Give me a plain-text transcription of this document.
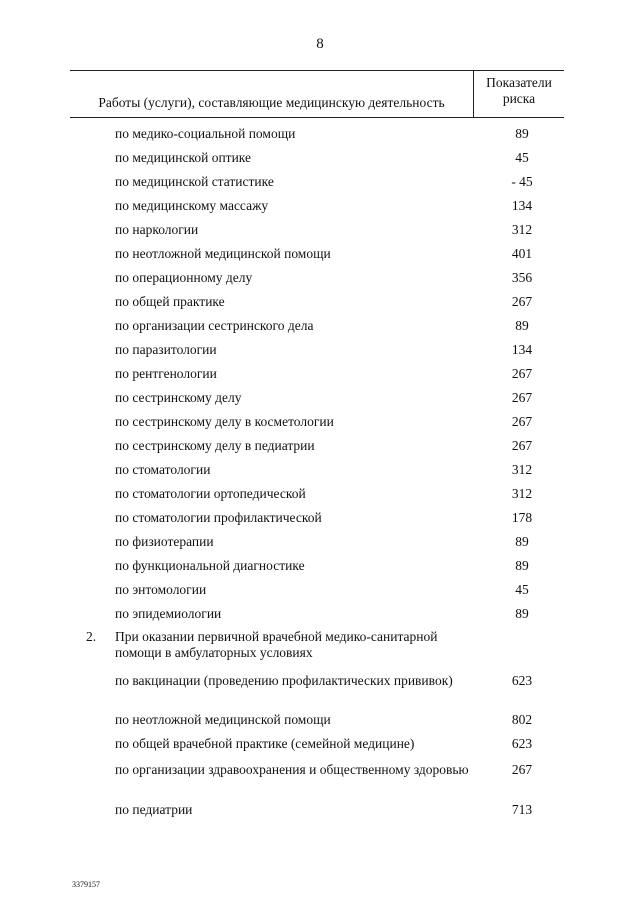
8
Работы (услуги), составляющие медицинскую деятельность
Показатели
риска
по медико-социальной помощи	89
по медицинской оптике	45
по медицинской статистике	- 45
по медицинскому массажу	134
по наркологии	312
по неотложной медицинской помощи	401
по операционному делу	356
по общей практике	267
по организации сестринского дела	89
по паразитологии	134
по рентгенологии	267
по сестринскому делу	267
по сестринскому делу в косметологии	267
по сестринскому делу в педиатрии	267
по стоматологии	312
по стоматологии ортопедической	312
по стоматологии профилактической	178
по физиотерапии	89
по функциональной диагностике	89
по энтомологии	45
по эпидемиологии	89
2. При оказании первичной врачебной медико-санитарной помощи в амбулаторных условиях
по вакцинации (проведению профилактических прививок)	623
по неотложной медицинской помощи	802
по общей врачебной практике (семейной медицине)	623
по организации здравоохранения и общественному здоровью	267
по педиатрии	713
3379157
